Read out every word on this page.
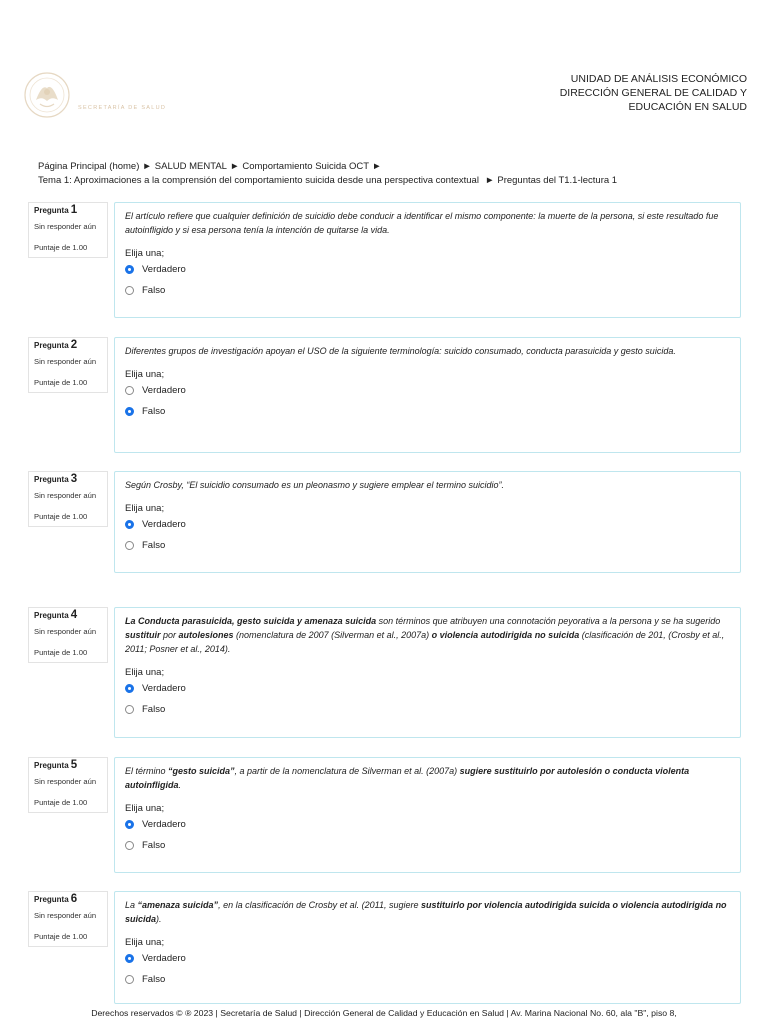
SECRETARÍA DE SALUD
UNIDAD DE ANÁLISIS ECONÓMICO
DIRECCIÓN GENERAL DE CALIDAD Y
EDUCACIÓN EN SALUD
Página Principal (home) ► SALUD MENTAL ► Comportamiento Suicida OCT ►
Tema 1: Aproximaciones a la comprensión del comportamiento suicida desde una perspectiva contextual ► Preguntas del T1.1-lectura 1
Pregunta 1
Sin responder aún
Puntaje de 1.00
El artículo refiere que cualquier definición de suicidio debe conducir a identificar el mismo componente: la muerte de la persona, si este resultado fue autoinfligido y si esa persona tenía la intención de quitarse la vida.
Elija una;
Verdadero
Falso
Pregunta 2
Sin responder aún
Puntaje de 1.00
Diferentes grupos de investigación apoyan el USO de la siguiente terminología: suicido consumado, conducta parasuicida y gesto suicida.
Elija una;
Verdadero
Falso
Pregunta 3
Sin responder aún
Puntaje de 1.00
Según Crosby, “El suicidio consumado es un pleonasmo y sugiere emplear el termino suicidio”.
Elija una;
Verdadero
Falso
Pregunta 4
Sin responder aún
Puntaje de 1.00
La Conducta parasuicida, gesto suicida y amenaza suicida son términos que atribuyen una connotación peyorativa a la persona y se ha sugerido sustituir por autolesiones (nomenclatura de 2007 (Silverman et al., 2007a) o violencia autodirigida no suicida (clasificación de 201, (Crosby et al., 2011; Posner et al., 2014).
Elija una;
Verdadero
Falso
Pregunta 5
Sin responder aún
Puntaje de 1.00
El término “gesto suicida”, a partir de la nomenclatura de Silverman et al. (2007a) sugiere sustituirlo por autolesión o conducta violenta autoinfligida.
Elija una;
Verdadero
Falso
Pregunta 6
Sin responder aún
Puntaje de 1.00
La “amenaza suicida”, en la clasificación de Crosby et al. (2011, sugiere sustituirlo por violencia autodirigida suicida o violencia autodirigida no suicida).
Elija una;
Verdadero
Falso
Derechos reservados © ® 2023 | Secretaría de Salud | Dirección General de Calidad y Educación en Salud | Av. Marina Nacional No. 60, ala "B", piso 8,
